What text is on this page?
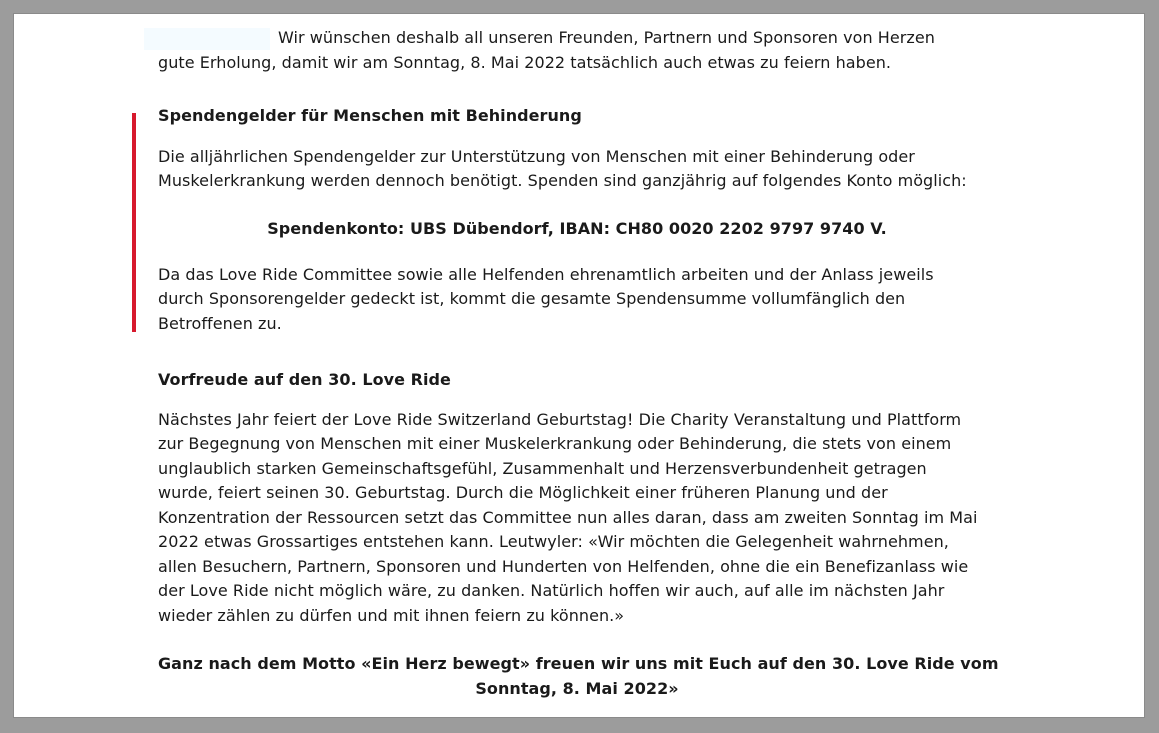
Wir wünschen deshalb all unseren Freunden, Partnern und Sponsoren von Herzen

gute Erholung, damit wir am Sonntag, 8. Mai 2022 tatsächlich auch etwas zu feiern haben.

Spendengelder für Menschen mit Behinderung

Die alljährlichen Spendengelder zur Unterstützung von Menschen mit einer Behinderung oder

Muskelerkrankung werden dennoch benötigt. Spenden sind ganzjährig auf folgendes Konto möglich:

Spendenkonto: UBS Dübendorf, IBAN: CH80 0020 2202 9797 9740 V.

Da das Love Ride Committee sowie alle Helfenden ehrenamtlich arbeiten und der Anlass jeweils

durch Sponsorengelder gedeckt ist, kommt die gesamte Spendensumme vollumfänglich den

Betroffenen zu.

Vorfreude auf den 30. Love Ride

Nächstes Jahr feiert der Love Ride Switzerland Geburtstag! Die Charity Veranstaltung und Plattform

zur Begegnung von Menschen mit einer Muskelerkrankung oder Behinderung, die stets von einem

unglaublich starken Gemeinschaftsgefühl, Zusammenhalt und Herzensverbundenheit getragen

wurde, feiert seinen 30. Geburtstag. Durch die Möglichkeit einer früheren Planung und der

Konzentration der Ressourcen setzt das Committee nun alles daran, dass am zweiten Sonntag im Mai

2022 etwas Grossartiges entstehen kann. Leutwyler: «Wir möchten die Gelegenheit wahrnehmen,

allen Besuchern, Partnern, Sponsoren und Hunderten von Helfenden, ohne die ein Benefizanlass wie

der Love Ride nicht möglich wäre, zu danken. Natürlich hoffen wir auch, auf alle im nächsten Jahr

wieder zählen zu dürfen und mit ihnen feiern zu können.»

Ganz nach dem Motto «Ein Herz bewegt» freuen wir uns mit Euch auf den 30. Love Ride vom

Sonntag, 8. Mai 2022»
